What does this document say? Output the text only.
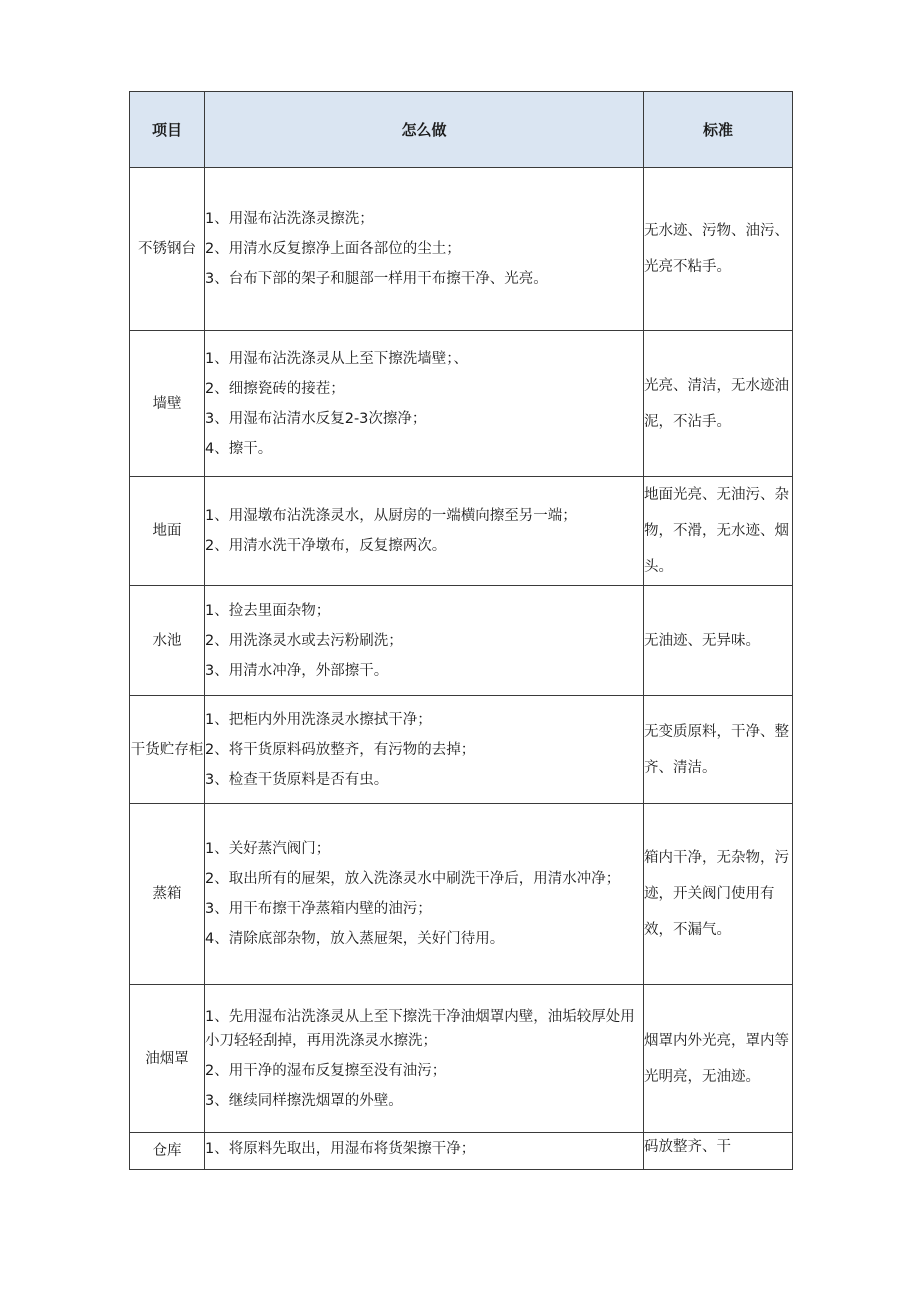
项目	怎么做	标准
不锈钢台	1、用湿布沾洗涤灵擦洗；
2、用清水反复擦净上面各部位的尘土；
3、台布下部的架子和腿部一样用干布擦干净、光亮。	无水迹、污物、油污、光亮不粘手。
墙壁	1、用湿布沾洗涤灵从上至下擦洗墙壁；、
2、细擦瓷砖的接茬；
3、用湿布沾清水反复2-3次擦净；
4、擦干。	光亮、清洁，无水迹油泥，不沾手。
地面	1、用湿墩布沾洗涤灵水，从厨房的一端横向擦至另一端；
2、用清水洗干净墩布，反复擦两次。	地面光亮、无油污、杂物，不滑，无水迹、烟头。
水池	1、捡去里面杂物；
2、用洗涤灵水或去污粉刷洗；
3、用清水冲净，外部擦干。	无油迹、无异味。
干货贮存柜	1、把柜内外用洗涤灵水擦拭干净；
2、将干货原料码放整齐，有污物的去掉；
3、检查干货原料是否有虫。	无变质原料，干净、整齐、清洁。
蒸箱	1、关好蒸汽阀门；
2、取出所有的屉架，放入洗涤灵水中刷洗干净后，用清水冲净；
3、用干布擦干净蒸箱内壁的油污；
4、清除底部杂物，放入蒸屉架，关好门待用。	箱内干净，无杂物，污迹，开关阀门使用有效，不漏气。
油烟罩	1、先用湿布沾洗涤灵从上至下擦洗干净油烟罩内壁，油垢较厚处用小刀轻轻刮掉，再用洗涤灵水擦洗；
2、用干净的湿布反复擦至没有油污；
3、继续同样擦洗烟罩的外壁。	烟罩内外光亮，罩内等光明亮，无油迹。
仓库	1、将原料先取出，用湿布将货架擦干净；	码放整齐、干
